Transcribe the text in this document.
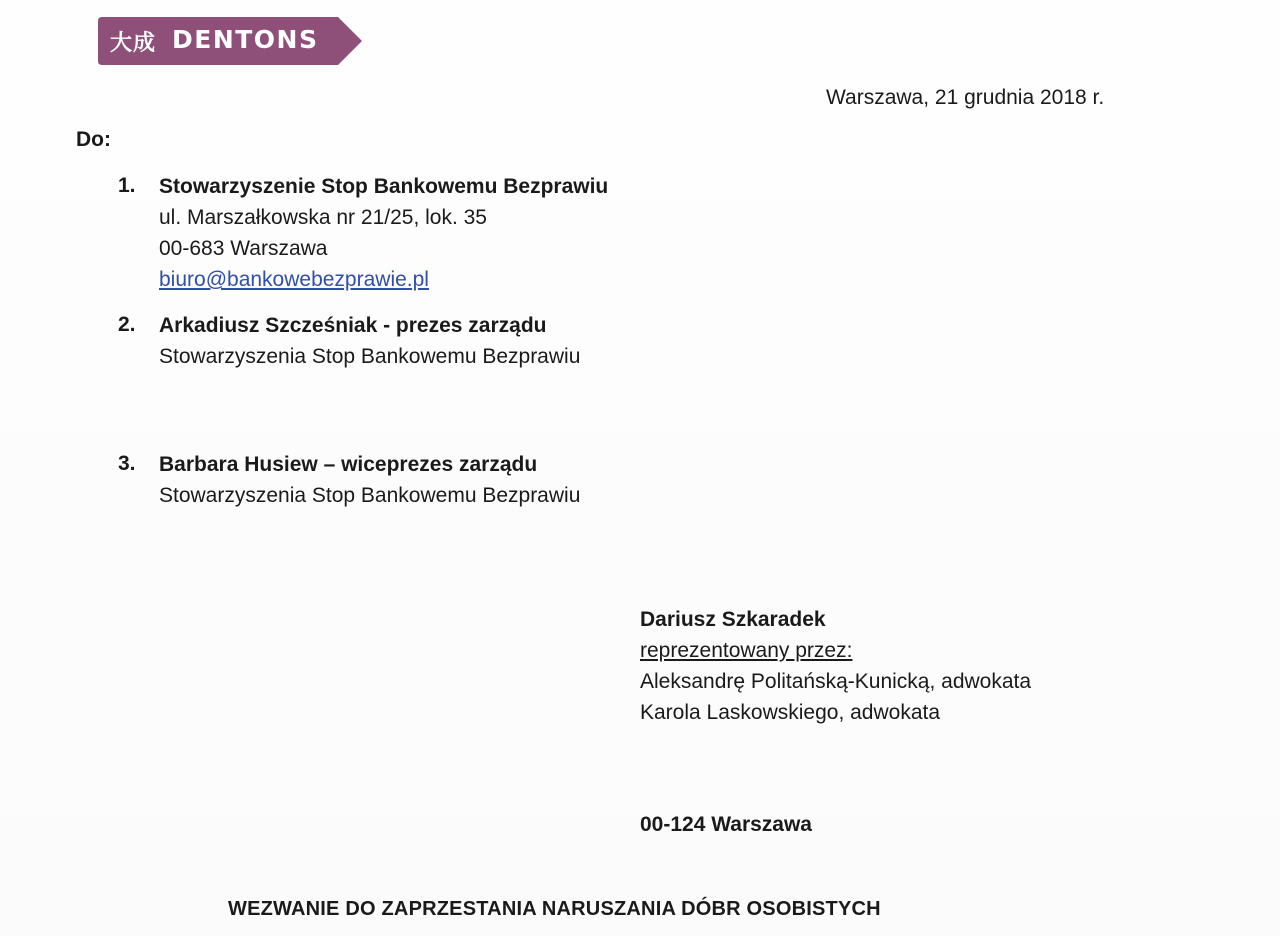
大成 DENTONS
Warszawa, 21 grudnia 2018 r.
Do:
1. Stowarzyszenie Stop Bankowemu Bezprawiu
ul. Marszałkowska nr 21/25, lok. 35
00-683 Warszawa
biuro@bankowebezprawie.pl
2. Arkadiusz Szcześniak - prezes zarządu
Stowarzyszenia Stop Bankowemu Bezprawiu
3. Barbara Husiew – wiceprezes zarządu
Stowarzyszenia Stop Bankowemu Bezprawiu
Dariusz Szkaradek
reprezentowany przez:
Aleksandrę Politańską-Kunicką, adwokata
Karola Laskowskiego, adwokata
00-124 Warszawa
WEZWANIE DO ZAPRZESTANIA NARUSZANIA DÓBR OSOBISTYCH
